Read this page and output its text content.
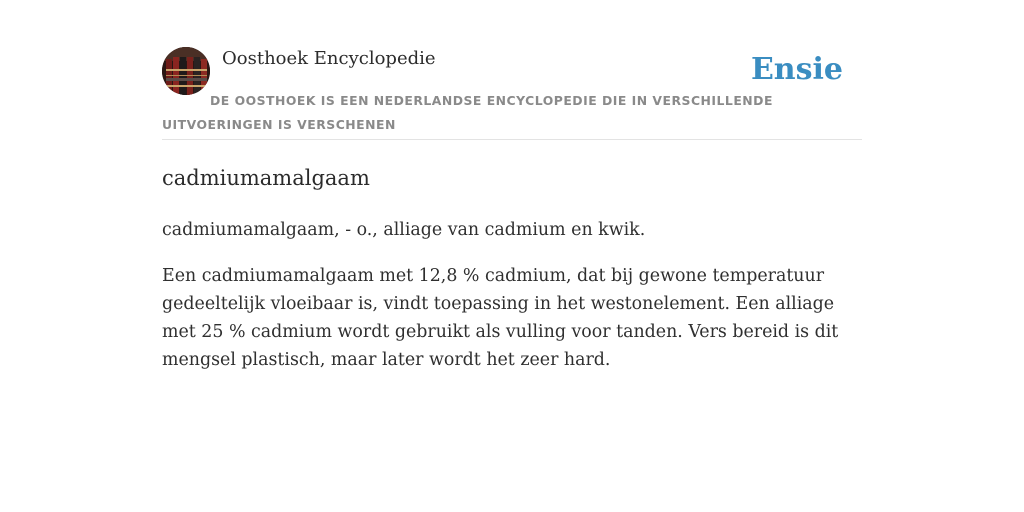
Oosthoek Encyclopedie	Ensie
DE OOSTHOEK IS EEN NEDERLANDSE ENCYCLOPEDIE DIE IN VERSCHILLENDE UITVOERINGEN IS VERSCHENEN
cadmiumamalgaam

cadmiumamalgaam, - o., alliage van cadmium en kwik.

Een cadmiumamalgaam met 12,8 % cadmium, dat bij gewone temperatuur gedeeltelijk vloeibaar is, vindt toepassing in het westonelement. Een alliage met 25 % cadmium wordt gebruikt als vulling voor tanden. Vers bereid is dit mengsel plastisch, maar later wordt het zeer hard.
